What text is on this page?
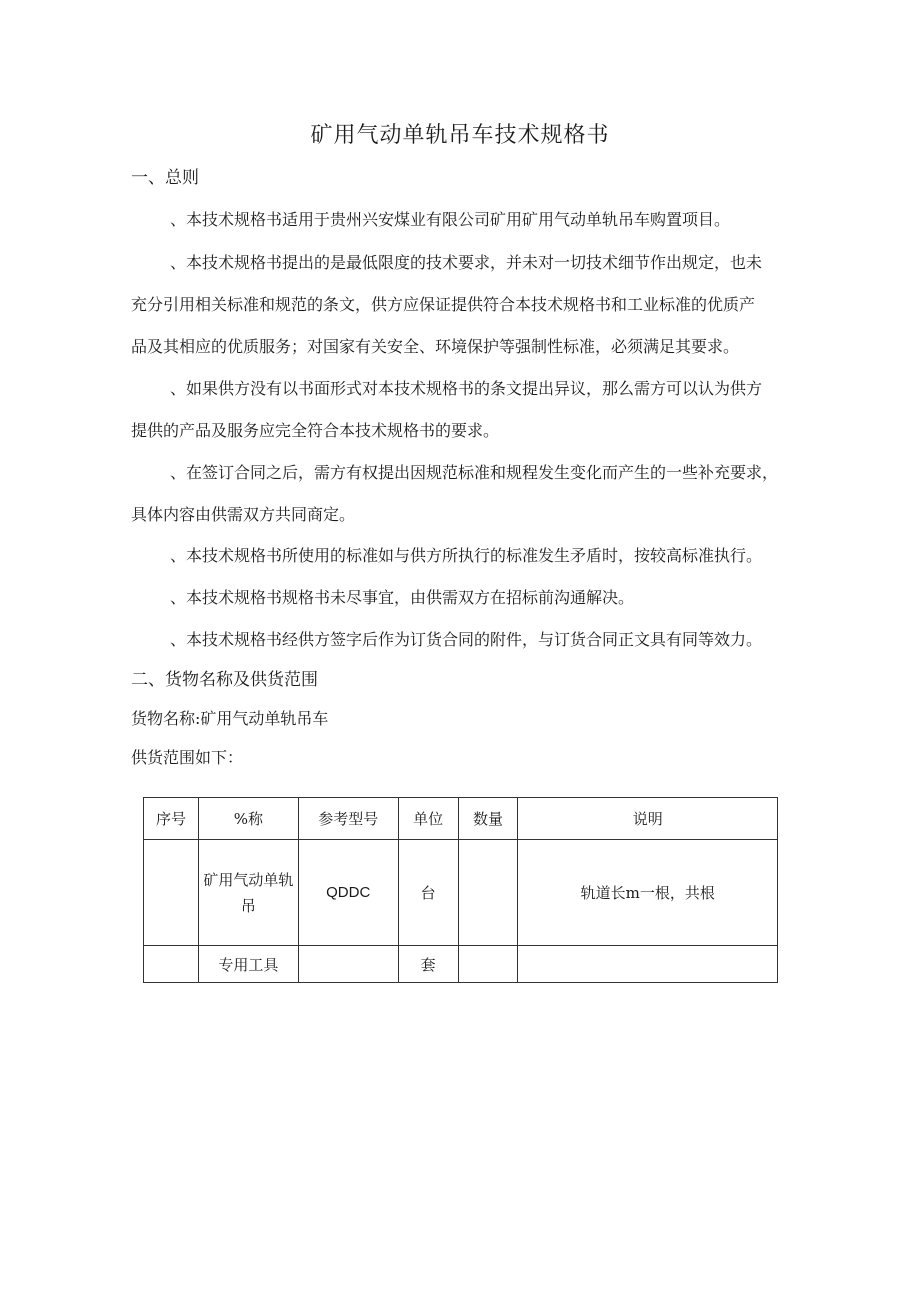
矿用气动单轨吊车技术规格书
一、总则
、本技术规格书适用于贵州兴安煤业有限公司矿用矿用气动单轨吊车购置项目。
、本技术规格书提出的是最低限度的技术要求，并未对一切技术细节作出规定，也未
充分引用相关标准和规范的条文，供方应保证提供符合本技术规格书和工业标准的优质产
品及其相应的优质服务；对国家有关安全、环境保护等强制性标准，必须满足其要求。
、如果供方没有以书面形式对本技术规格书的条文提出异议，那么需方可以认为供方
提供的产品及服务应完全符合本技术规格书的要求。
、在签订合同之后，需方有权提出因规范标准和规程发生变化而产生的一些补充要求，
具体内容由供需双方共同商定。
、本技术规格书所使用的标准如与供方所执行的标准发生矛盾时，按较高标准执行。
、本技术规格书规格书未尽事宜，由供需双方在招标前沟通解决。
、本技术规格书经供方签字后作为订货合同的附件，与订货合同正文具有同等效力。
二、货物名称及供货范围
货物名称:矿用气动单轨吊车
供货范围如下：
序号	%称	参考型号	单位	数量	说明
	矿用气动单轨吊	QDDC	台		轨道长m一根，共根
	专用工具		套		
